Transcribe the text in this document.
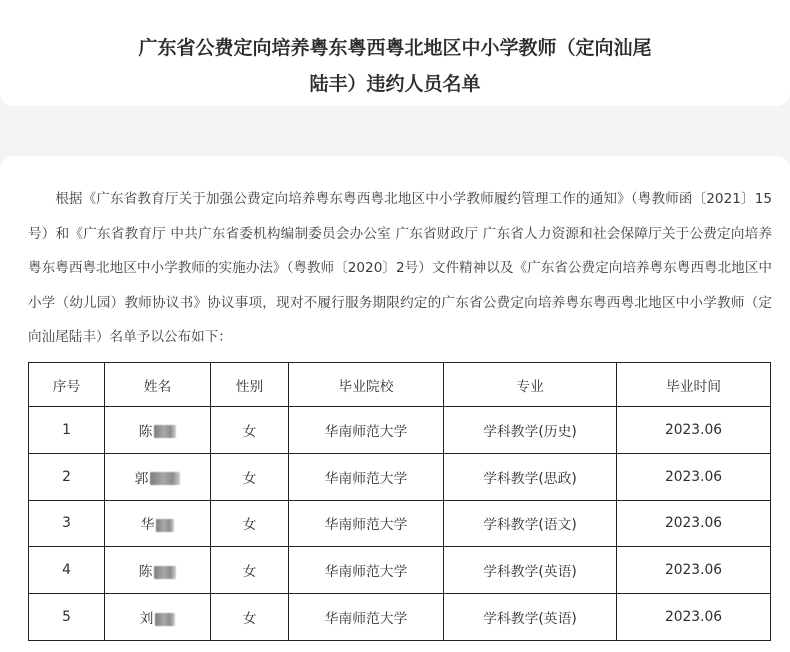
广东省公费定向培养粤东粤西粤北地区中小学教师（定向汕尾
陆丰）违约人员名单

根据《广东省教育厅关于加强公费定向培养粤东粤西粤北地区中小学教师履约管理工作的通知》（粤教师函〔2021〕15号）和《广东省教育厅 中共广东省委机构编制委员会办公室 广东省财政厅 广东省人力资源和社会保障厅关于公费定向培养粤东粤西粤北地区中小学教师的实施办法》（粤教师〔2020〕2号）文件精神以及《广东省公费定向培养粤东粤西粤北地区中小学（幼儿园）教师协议书》协议事项，现对不履行服务期限约定的广东省公费定向培养粤东粤西粤北地区中小学教师（定向汕尾陆丰）名单予以公布如下：

序号	姓名	性别	毕业院校	专业	毕业时间
1	陈	女	华南师范大学	学科教学(历史)	2023.06
2	郭	女	华南师范大学	学科教学(思政)	2023.06
3	华	女	华南师范大学	学科教学(语文)	2023.06
4	陈	女	华南师范大学	学科教学(英语)	2023.06
5	刘	女	华南师范大学	学科教学(英语)	2023.06
